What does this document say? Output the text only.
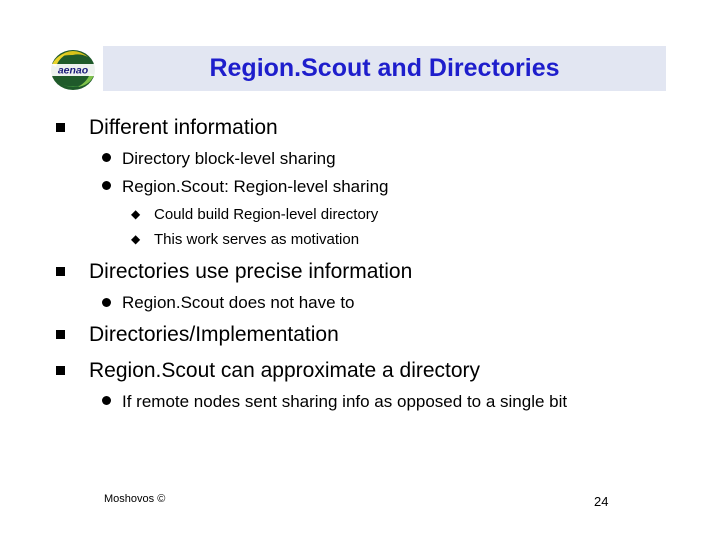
aenao	Region.Scout and Directories
Different information
Directory block-level sharing
Region.Scout: Region-level sharing
◆ Could build Region-level directory
◆ This work serves as motivation
Directories use precise information
Region.Scout does not have to
Directories/Implementation
Region.Scout can approximate a directory
If remote nodes sent sharing info as opposed to a single bit
Moshovos ©	24
